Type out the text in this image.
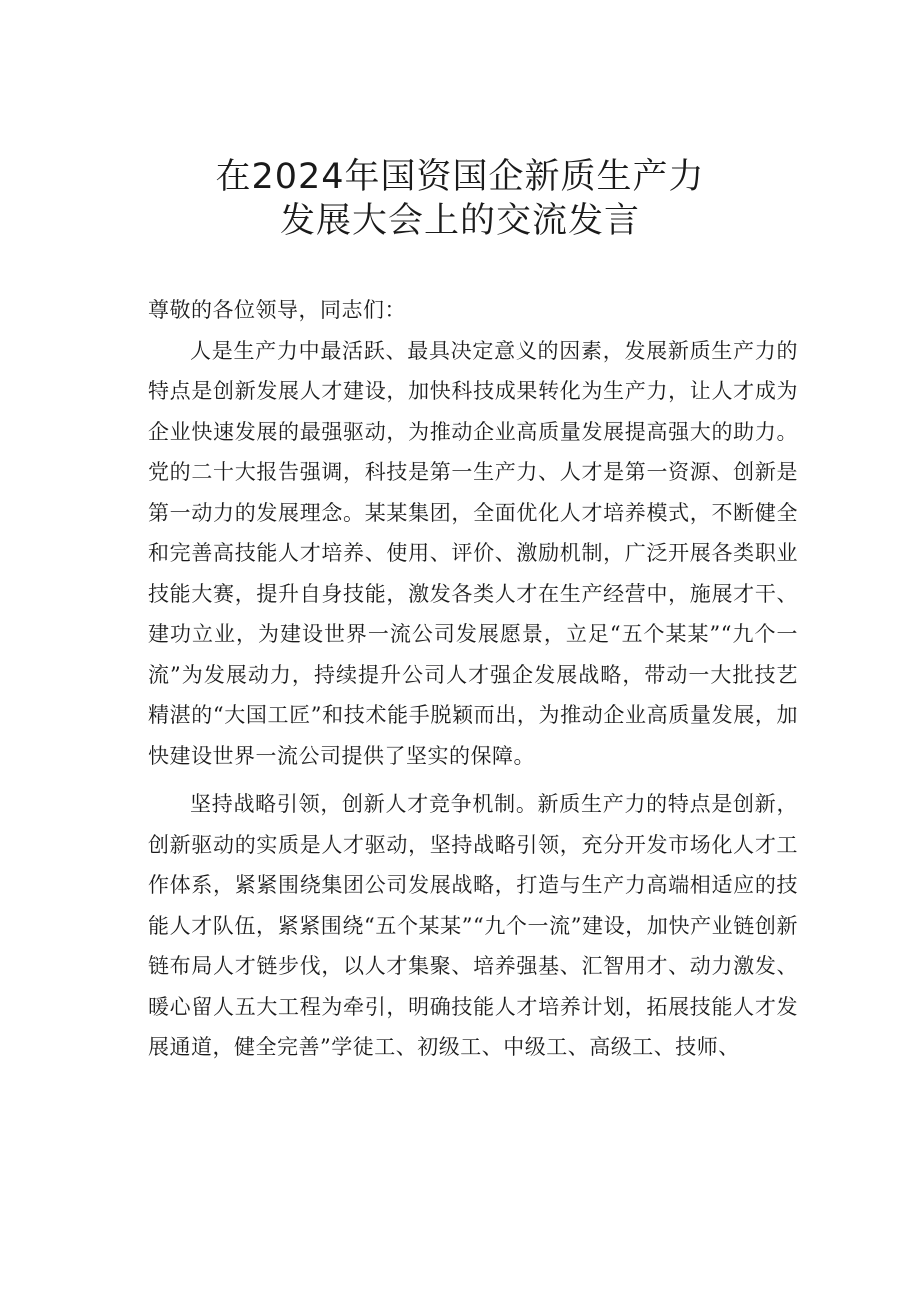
在2024年国资国企新质生产力
发展大会上的交流发言

尊敬的各位领导，同志们：

人是生产力中最活跃、最具决定意义的因素，发展新质生产力的特点是创新发展人才建设，加快科技成果转化为生产力，让人才成为企业快速发展的最强驱动，为推动企业高质量发展提高强大的助力。党的二十大报告强调，科技是第一生产力、人才是第一资源、创新是第一动力的发展理念。某某集团，全面优化人才培养模式，不断健全和完善高技能人才培养、使用、评价、激励机制，广泛开展各类职业技能大赛，提升自身技能，激发各类人才在生产经营中，施展才干、建功立业，为建设世界一流公司发展愿景，立足“五个某某”“九个一流”为发展动力，持续提升公司人才强企发展战略，带动一大批技艺精湛的“大国工匠”和技术能手脱颖而出，为推动企业高质量发展，加快建设世界一流公司提供了坚实的保障。

坚持战略引领，创新人才竞争机制。新质生产力的特点是创新，创新驱动的实质是人才驱动，坚持战略引领，充分开发市场化人才工作体系，紧紧围绕集团公司发展战略，打造与生产力高端相适应的技能人才队伍，紧紧围绕“五个某某”“九个一流”建设，加快产业链创新链布局人才链步伐，以人才集聚、培养强基、汇智用才、动力激发、暖心留人五大工程为牵引，明确技能人才培养计划，拓展技能人才发展通道，健全完善”学徒工、初级工、中级工、高级工、技师、
